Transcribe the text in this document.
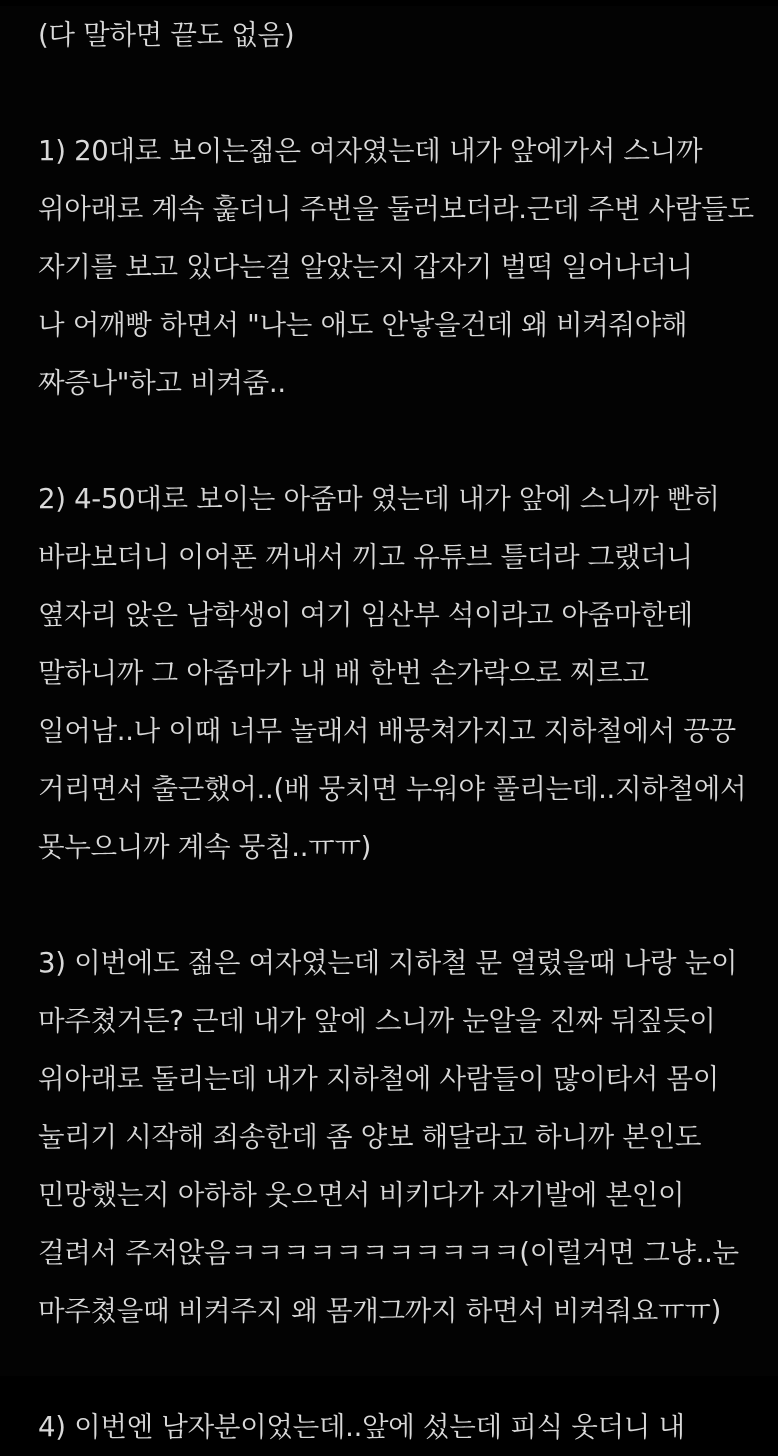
(다 말하면 끝도 없음)
1) 20대로 보이는젊은 여자였는데 내가 앞에가서 스니까
위아래로 계속 훑더니 주변을 둘러보더라.근데 주변 사람들도
자기를 보고 있다는걸 알았는지 갑자기 벌떡 일어나더니
나 어깨빵 하면서 "나는 애도 안낳을건데 왜 비켜줘야해
짜증나"하고 비켜줌..
2) 4-50대로 보이는 아줌마 였는데 내가 앞에 스니까 빤히
바라보더니 이어폰 꺼내서 끼고 유튜브 틀더라 그랬더니
옆자리 앉은 남학생이 여기 임산부 석이라고 아줌마한테
말하니까 그 아줌마가 내 배 한번 손가락으로 찌르고
일어남..나 이때 너무 놀래서 배뭉쳐가지고 지하철에서 끙끙
거리면서 출근했어..(배 뭉치면 누워야 풀리는데..지하철에서
못누으니까 계속 뭉침..ㅠㅠ)
3) 이번에도 젊은 여자였는데 지하철 문 열렸을때 나랑 눈이
마주쳤거든? 근데 내가 앞에 스니까 눈알을 진짜 뒤짚듯이
위아래로 돌리는데 내가 지하철에 사람들이 많이타서 몸이
눌리기 시작해 죄송한데 좀 양보 해달라고 하니까 본인도
민망했는지 아하하 웃으면서 비키다가 자기발에 본인이
걸려서 주저앉음ㅋㅋㅋㅋㅋㅋㅋㅋㅋㅋㅋ(이럴거면 그냥..눈
마주쳤을때 비켜주지 왜 몸개그까지 하면서 비켜줘요ㅠㅠ)
4) 이번엔 남자분이었는데..앞에 섰는데 피식 웃더니 내
